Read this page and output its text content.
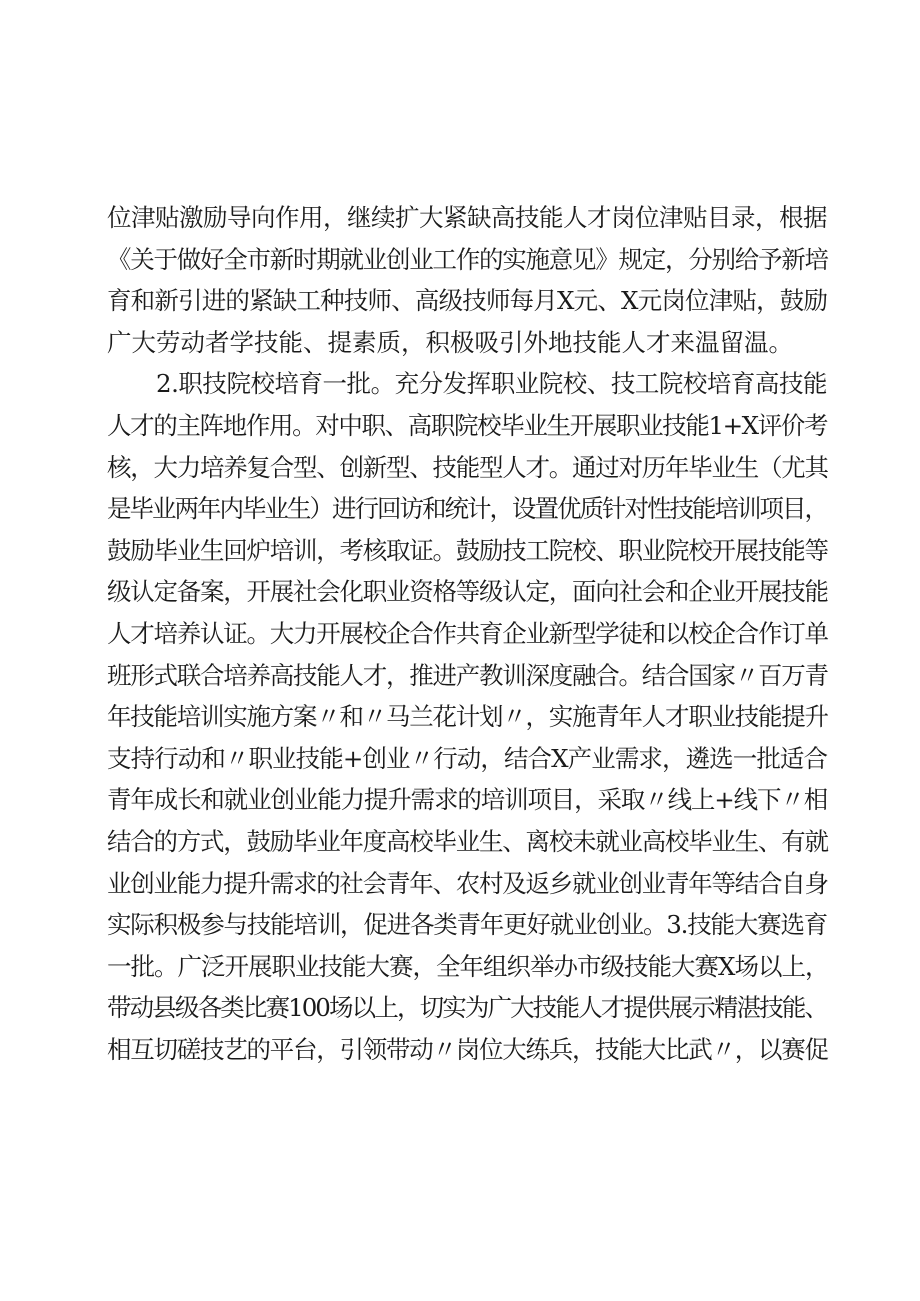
位津贴激励导向作用，继续扩大紧缺高技能人才岗位津贴目录，根据
《关于做好全市新时期就业创业工作的实施意见》规定，分别给予新培
育和新引进的紧缺工种技师、高级技师每月X元、X元岗位津贴，鼓励
广大劳动者学技能、提素质，积极吸引外地技能人才来温留温。
2.职技院校培育一批。充分发挥职业院校、技工院校培育高技能
人才的主阵地作用。对中职、高职院校毕业生开展职业技能1+X评价考
核，大力培养复合型、创新型、技能型人才。通过对历年毕业生（尤其
是毕业两年内毕业生）进行回访和统计，设置优质针对性技能培训项目，
鼓励毕业生回炉培训，考核取证。鼓励技工院校、职业院校开展技能等
级认定备案，开展社会化职业资格等级认定，面向社会和企业开展技能
人才培养认证。大力开展校企合作共育企业新型学徒和以校企合作订单
班形式联合培养高技能人才，推进产教训深度融合。结合国家〃百万青
年技能培训实施方案〃和〃马兰花计划〃，实施青年人才职业技能提升
支持行动和〃职业技能+创业〃行动，结合X产业需求，遴选一批适合
青年成长和就业创业能力提升需求的培训项目，采取〃线上+线下〃相
结合的方式，鼓励毕业年度高校毕业生、离校未就业高校毕业生、有就
业创业能力提升需求的社会青年、农村及返乡就业创业青年等结合自身
实际积极参与技能培训，促进各类青年更好就业创业。3.技能大赛选育
一批。广泛开展职业技能大赛，全年组织举办市级技能大赛X场以上，
带动县级各类比赛100场以上，切实为广大技能人才提供展示精湛技能、
相互切磋技艺的平台，引领带动〃岗位大练兵，技能大比武〃，以赛促
